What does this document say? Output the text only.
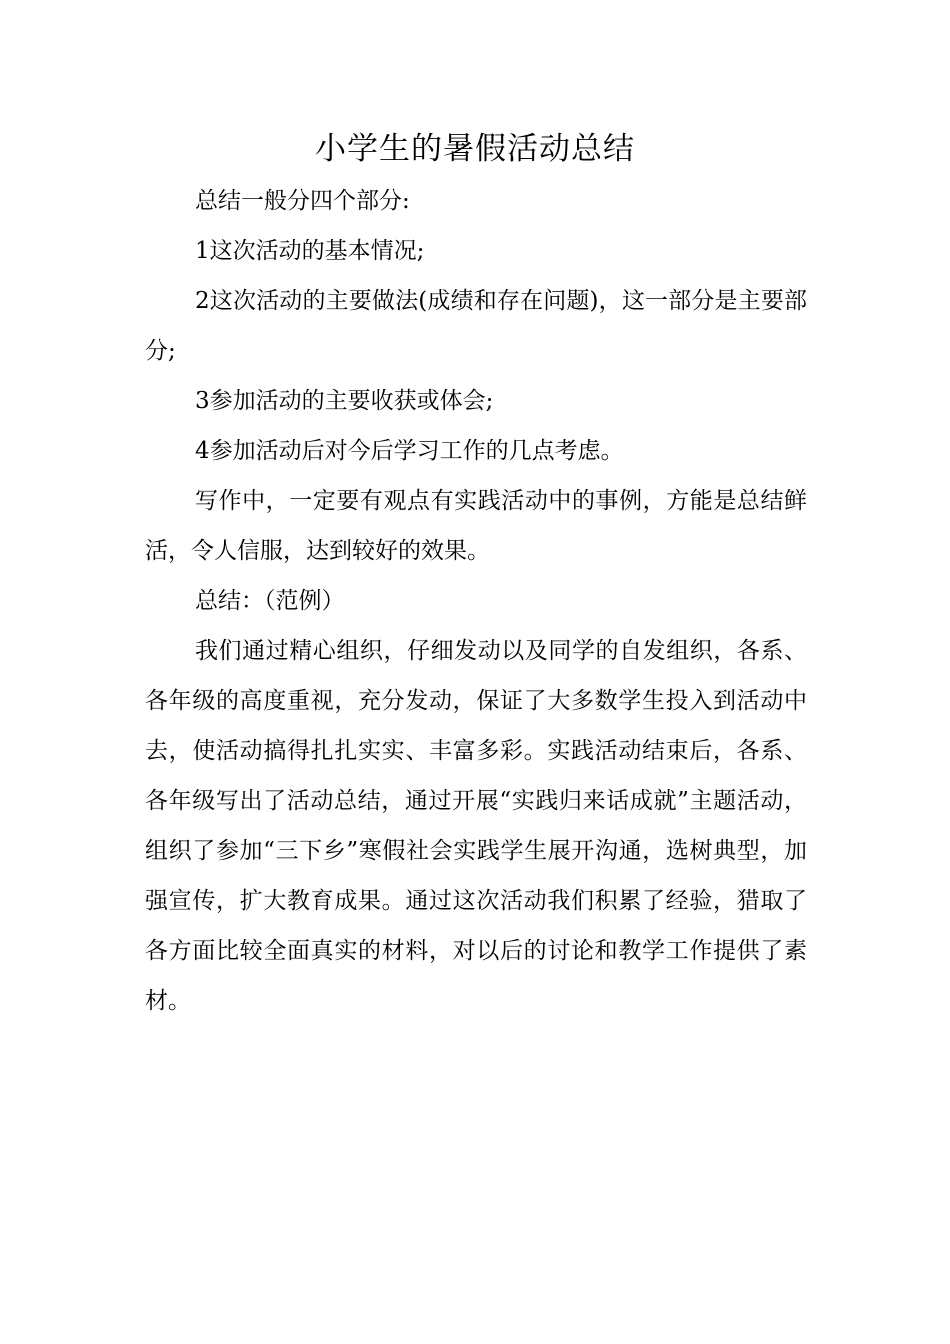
小学生的暑假活动总结

总结一般分四个部分:

1这次活动的基本情况;

2这次活动的主要做法(成绩和存在问题)，这一部分是主要部分;

3参加活动的主要收获或体会;

4参加活动后对今后学习工作的几点考虑。

写作中，一定要有观点有实践活动中的事例，方能是总结鲜活，令人信服，达到较好的效果。

总结：（范例）

我们通过精心组织，仔细发动以及同学的自发组织，各系、各年级的高度重视，充分发动，保证了大多数学生投入到活动中去，使活动搞得扎扎实实、丰富多彩。实践活动结束后，各系、各年级写出了活动总结，通过开展“实践归来话成就”主题活动，组织了参加“三下乡”寒假社会实践学生展开沟通，选树典型，加强宣传，扩大教育成果。通过这次活动我们积累了经验，猎取了各方面比较全面真实的材料，对以后的讨论和教学工作提供了素材。
